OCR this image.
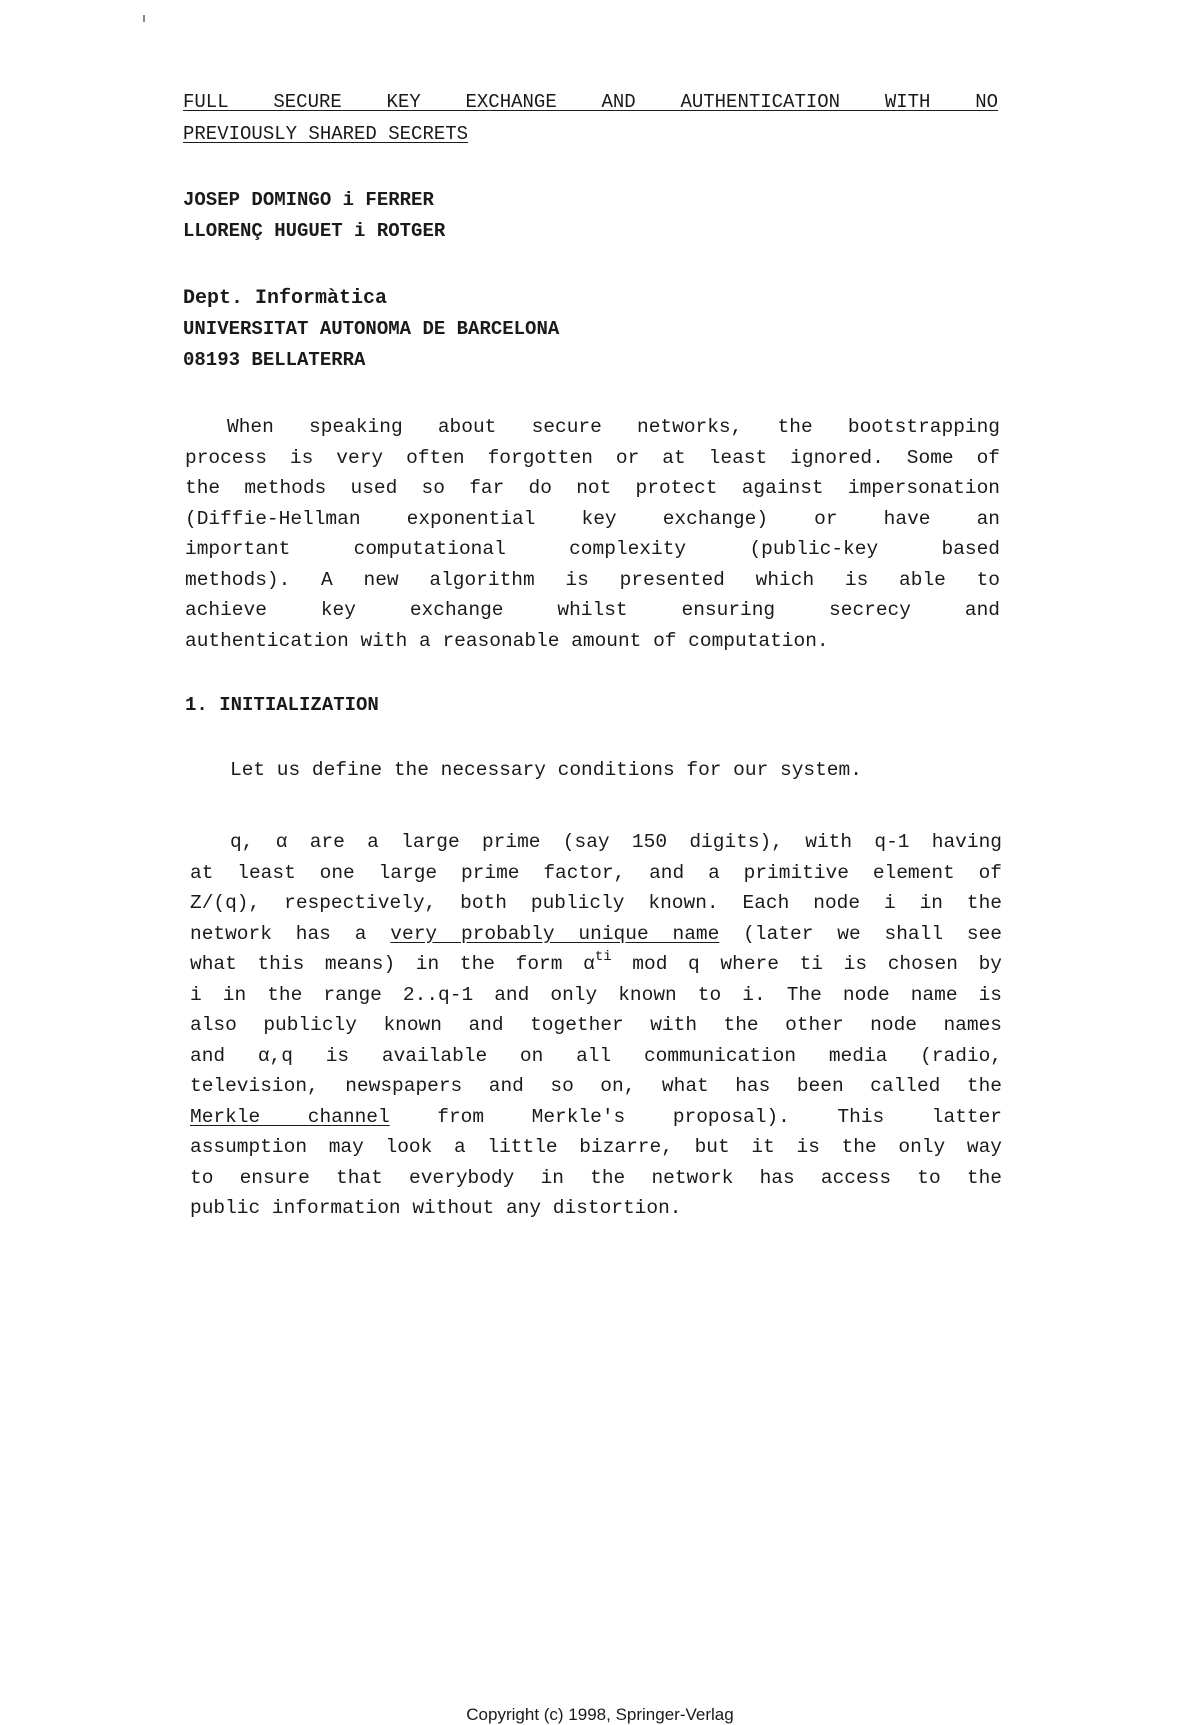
FULL SECURE KEY EXCHANGE AND AUTHENTICATION WITH NO
PREVIOUSLY SHARED SECRETS
JOSEP DOMINGO i FERRER
LLORENÇ HUGUET i ROTGER
Dept. Informàtica
UNIVERSITAT AUTONOMA DE BARCELONA
08193 BELLATERRA
When speaking about secure networks, the bootstrapping
process is very often forgotten or at least ignored. Some of
the methods used so far do not protect against impersonation
(Diffie-Hellman exponential key exchange) or have an
important computational complexity (public-key based
methods). A new algorithm is presented which is able to
achieve key exchange whilst ensuring secrecy and
authentication with a reasonable amount of computation.
1. INITIALIZATION
Let us define the necessary conditions for our system.
q, α are a large prime (say 150 digits), with q-1 having
at least one large prime factor, and a primitive element of
Z/(q), respectively, both publicly known. Each node i in the
network has a very probably unique name (later we shall see
what this means) in the form $\alpha^{ti}$ mod q where ti is chosen by
i in the range 2..q-1 and only known to i. The node name is
also publicly known and together with the other node names
and α,q is available on all communication media (radio,
television, newspapers and so on, what has been called the
Merkle channel from Merkle's proposal). This latter
assumption may look a little bizarre, but it is the only way
to ensure that everybody in the network has access to the
public information without any distortion.
Copyright (c) 1998, Springer-Verlag
